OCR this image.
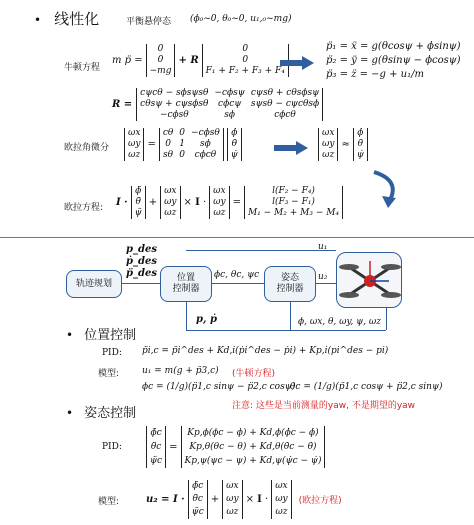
• 线性化	平衡悬停态 (ϕ₀~0, θ₀~0, u₁,₀~mg)
牛顿方程
m p̈ =
0
0
−mg
+ R
0
0
F₁ + F₂ + F₃ + F₄
p̈₁ = ẍ = g(θcosψ + ϕsinψ)
p̈₂ = ÿ = g(θsinψ − ϕcosψ)
p̈₃ = z̈ = −g + u₁/m
R =
cψcθ − sϕsψsθ −cϕsψ cψsθ + cθsϕsψ
cθsψ + cψsϕsθ	cϕcψ	sψsθ − cψcθsϕ
−cϕsθ	sϕ	cϕcθ
欧拉角微分
ωx
ωy
ωz
=
cθ 0 −cϕsθ
0 1	sϕ
sθ 0	cϕcθ
ϕ̇
θ̇
ψ̇
ωx
ωy
ωz
≈
ϕ̇
θ̇
ψ̇
欧拉方程: I ·
ϕ̈
θ̈
ψ̈
+
ωx
ωy
ωz
× I ·
ωx
ωy
ωz
=
l(F₂ − F₄)
l(F₃ − F₁)
M₁ − M₂ + M₃ − M₄
p_des
ṗ_des
p̈_des
轨迹规划
位置
控制器
ϕc, θc, ψc	姿态
控制器
u₁
u₂
p, ṗ	ϕ, ωx, θ, ωy, ψ, ωz
• 位置控制
PID: p̈i,c = p̈i^des + Kd,i(ṗi^des − ṗi) + Kp,i(pi^des − pi)
模型:	u₁ = m(g + p̈3,c) (牛顿方程)
ϕc = (1/g)(p̈1,c sinψ − p̈2,c cosψ)
θc = (1/g)(p̈1,c cosψ + p̈2,c sinψ)
注意: 这些是当前测量的yaw, 不是期望的yaw
• 姿态控制
PID:
ϕ̈c
θ̈c
ψ̈c
=
Kp,ϕ(ϕc − ϕ) + Kd,ϕ(ϕ̇c − ϕ̇)
Kp,θ(θc − θ) + Kd,θ(θ̇c − θ̇)
Kp,ψ(ψc − ψ) + Kd,ψ(ψ̇c − ψ̇)
模型:	u₂ = I ·
ϕ̈c
θ̈c
ψ̈c
+
ωx
ωy
ωz
× I ·
ωx
ωy
ωz
(欧拉方程)
